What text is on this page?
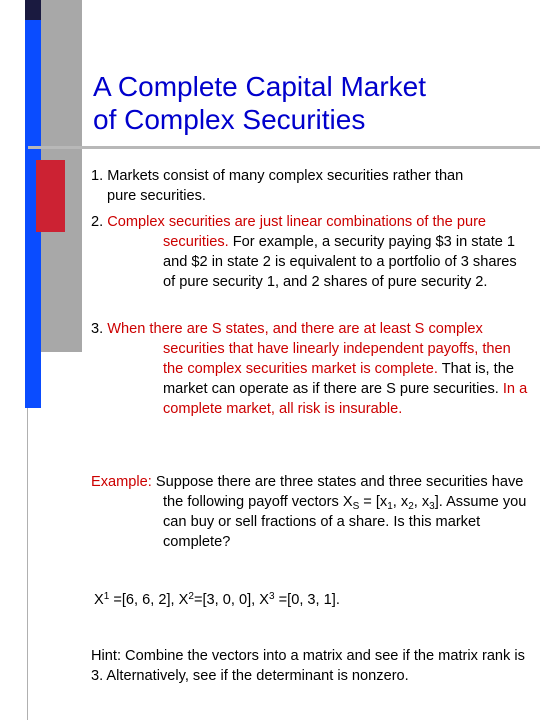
A Complete Capital Market
of Complex Securities
1. Markets consist of many complex securities rather than
pure securities.
2. Complex securities are just linear combinations of the pure securities. For example, a security paying $3 in state 1 and $2 in state 2 is equivalent to a portfolio of 3 shares of pure security 1, and 2 shares of pure security 2.
3. When there are S states, and there are at least S complex securities that have linearly independent payoffs, then the complex securities market is complete. That is, the market can operate as if there are S pure securities. In a complete market, all risk is insurable.
Example: Suppose there are three states and three securities have the following payoff vectors $X_S = [x_1$, $x_2$, $x_3$]. Assume you can buy or sell fractions of a share. Is this market complete?
$X^1 =[6$, 6, 2], $X^2=[3$, 0, 0], $X^3 =[0$, 3, 1].
Hint: Combine the vectors into a matrix and see if the matrix rank is 3. Alternatively, see if the determinant is nonzero.
